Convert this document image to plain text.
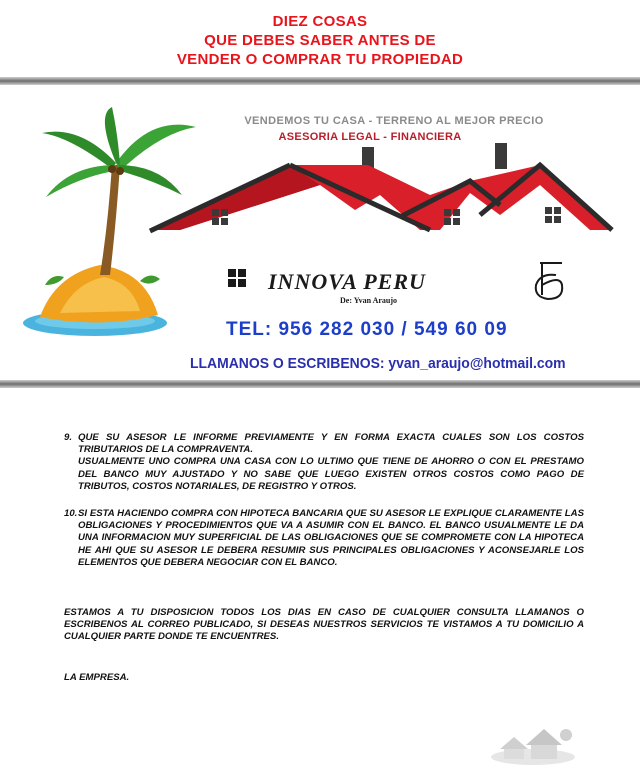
DIEZ COSAS
QUE DEBES SABER ANTES DE
VENDER O COMPRAR TU PROPIEDAD
VENDEMOS TU CASA - TERRENO AL MEJOR PRECIO
ASESORIA LEGAL - FINANCIERA
INNOVA PERU
De: Yvan Araujo
TEL: 956 282 030 / 549 60 09
LLAMANOS O ESCRIBENOS: yvan_araujo@hotmail.com
9. QUE SU ASESOR LE INFORME PREVIAMENTE Y EN FORMA EXACTA CUALES SON LOS COSTOS TRIBUTARIOS DE LA COMPRAVENTA.

USUALMENTE UNO COMPRA UNA CASA CON LO ULTIMO QUE TIENE DE AHORRO O CON EL PRESTAMO DEL BANCO MUY AJUSTADO Y NO SABE QUE LUEGO EXISTEN OTROS COSTOS COMO PAGO DE TRIBUTOS, COSTOS NOTARIALES, DE REGISTRO Y OTROS.

10. SI ESTA HACIENDO COMPRA CON HIPOTECA BANCARIA QUE SU ASESOR LE EXPLIQUE CLARAMENTE LAS OBLIGACIONES Y PROCEDIMIENTOS QUE VA A ASUMIR CON EL BANCO. EL BANCO USUALMENTE LE DA UNA INFORMACION MUY SUPERFICIAL DE LAS OBLIGACIONES QUE SE COMPROMETE CON LA HIPOTECA HE AHI QUE SU ASESOR LE DEBERA RESUMIR SUS PRINCIPALES OBLIGACIONES Y ACONSEJARLE LOS ELEMENTOS QUE DEBERA NEGOCIAR CON EL BANCO.

ESTAMOS A TU DISPOSICION TODOS LOS DIAS EN CASO DE CUALQUIER CONSULTA LLAMANOS O ESCRIBENOS AL CORREO PUBLICADO, SI DESEAS NUESTROS SERVICIOS TE VISTAMOS A TU DOMICILIO A CUALQUIER PARTE DONDE TE ENCUENTRES.
LA EMPRESA.
